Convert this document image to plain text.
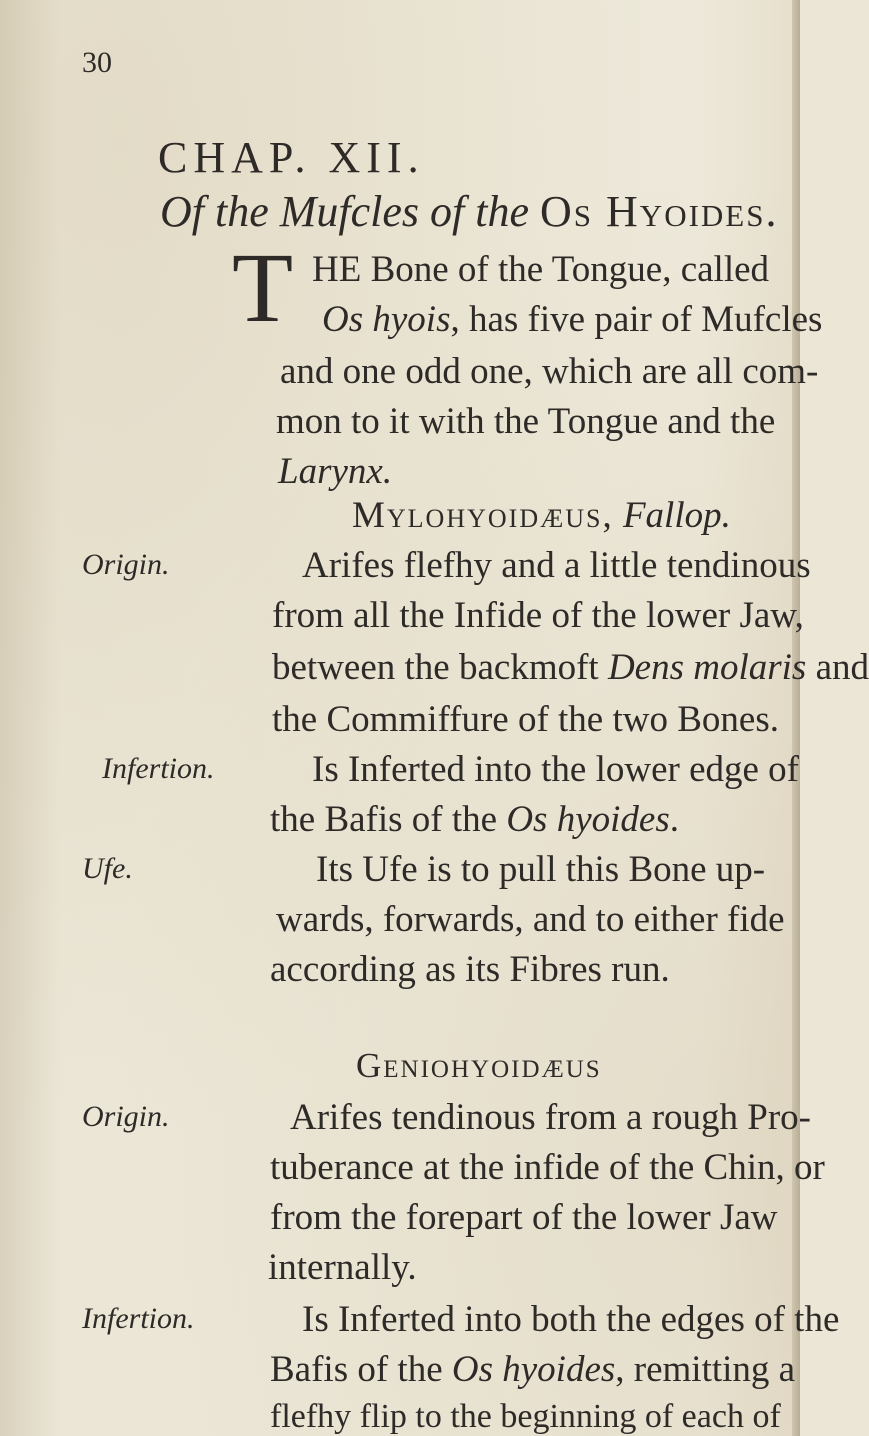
30
CHAP. XII.
Of the Mufcles of the Os Hyoides.
T HE Bone of the Tongue, called
Os hyois, has five pair of Mufcles
and one odd one, which are all com-
mon to it with the Tongue and the
Larynx.
Mylohyoidæus, Fallop.
Origin.	Arifes flefhy and a little tendinous
from all the Infide of the lower Jaw,
between the backmoft Dens molaris and
the Commiffure of the two Bones.
Infertion.	Is Inferted into the lower edge of
the Bafis of the Os hyoides.
Ufe.	Its Ufe is to pull this Bone up-
wards, forwards, and to either fide
according as its Fibres run.
Genіohyoidæus
Origin.	Arifes tendinous from a rough Pro-
tuberance at the infide of the Chin, or
from the forepart of the lower Jaw
internally.
Infertion.	Is Inferted into both the edges of the
Bafis of the Os hyoides, remitting a
flefhy flip to the beginning of each of
